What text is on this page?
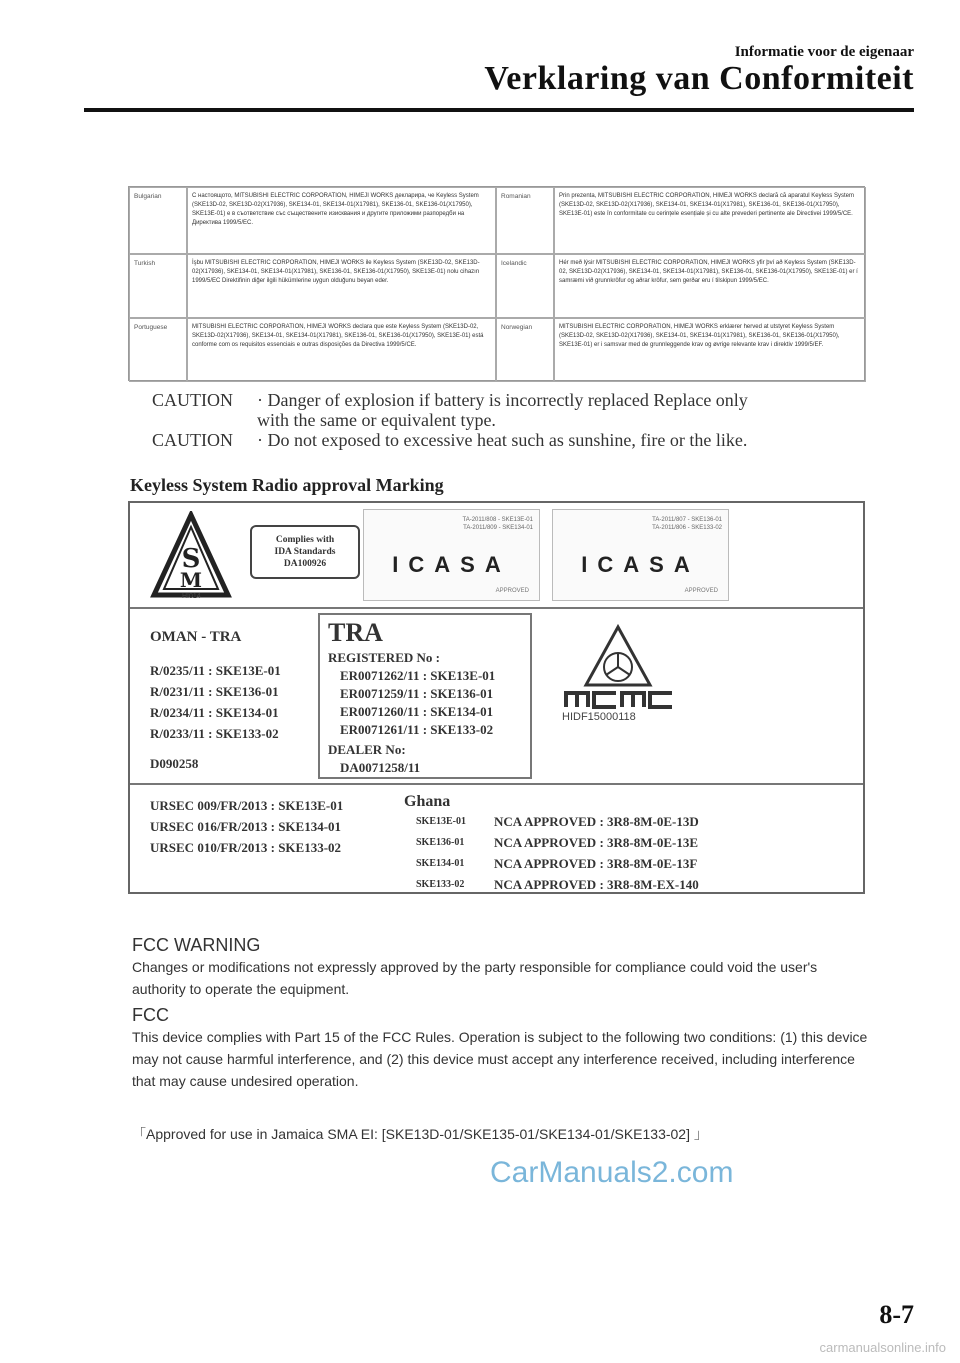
Informatie voor de eigenaar
Verklaring van Conformiteit
Bulgarian	С настоящото, MITSUBISHI ELECTRIC CORPORATION, HIMEJI WORKS декларира, че Keyless System (SKE13D-02, SKE13D-02(X17936), SKE134-01, SKE134-01(X17981), SKE136-01, SKE136-01(X17950), SKE13E-01) е в съответствие със съществените изисквания и другите приложими разпоредби на Директива 1999/5/ЕС.
Romanian	Prin prezenta, MITSUBISHI ELECTRIC CORPORATION, HIMEJI WORKS declară că aparatul Keyless System (SKE13D-02, SKE13D-02(X17936), SKE134-01, SKE134-01(X17981), SKE136-01, SKE136-01(X17950), SKE13E-01) este în conformitate cu cerințele esențiale și cu alte prevederi pertinente ale Directivei 1999/5/CE.
Turkish	İşbu MITSUBISHI ELECTRIC CORPORATION, HIMEJI WORKS ile Keyless System (SKE13D-02, SKE13D-02(X17936), SKE134-01, SKE134-01(X17981), SKE136-01, SKE136-01(X17950), SKE13E-01) nolu cihazın 1999/5/EC Direktifinin diğer ilgili hükümlerine uygun olduğunu beyan eder.
Icelandic	Hér með lýsir MITSUBISHI ELECTRIC CORPORATION, HIMEJI WORKS yfir því að Keyless System (SKE13D-02, SKE13D-02(X17936), SKE134-01, SKE134-01(X17981), SKE136-01, SKE136-01(X17950), SKE13E-01) er í samræmi við grunnkröfur og aðrar kröfur, sem gerðar eru í tilskipun 1999/5/EC.
Portuguese	MITSUBISHI ELECTRIC CORPORATION, HIMEJI WORKS declara que este Keyless System (SKE13D-02, SKE13D-02(X17936), SKE134-01, SKE134-01(X17981), SKE136-01, SKE136-01(X17950), SKE13E-01) está conforme com os requisitos essenciais e outras disposições da Directiva 1999/5/CE.
Norwegian	MITSUBISHI ELECTRIC CORPORATION, HIMEJI WORKS erklærer herved at utstyret Keyless System (SKE13D-02, SKE13D-02(X17936), SKE134-01, SKE134-01(X17981), SKE136-01, SKE136-01(X17950), SKE13E-01) er i samsvar med de grunnleggende krav og øvrige relevante krav i direktiv 1999/5/EF.
CAUTION · Danger of explosion if battery is incorrectly replaced Replace only
with the same or equivalent type.
CAUTION · Do not exposed to excessive heat such as sunshine, fire or the like.
Keyless System Radio approval Marking
S
M
HI014
Complies with
IDA Standards
DA100926
TA-2011/808 - SKE13E-01
TA-2011/809 - SKE134-01
ICASA
APPROVED
TA-2011/807 - SKE136-01
TA-2011/806 - SKE133-02
ICASA
APPROVED
OMAN - TRA
R/0235/11 : SKE13E-01
R/0231/11 : SKE136-01
R/0234/11 : SKE134-01
R/0233/11 : SKE133-02
D090258
TRA
REGISTERED No :
ER0071262/11 : SKE13E-01
ER0071259/11 : SKE136-01
ER0071260/11 : SKE134-01
ER0071261/11 : SKE133-02
DEALER No:
DA0071258/11
HIDF15000118
URSEC 009/FR/2013 : SKE13E-01
URSEC 016/FR/2013 : SKE134-01
URSEC 010/FR/2013 : SKE133-02
Ghana
SKE13E-01	NCA APPROVED : 3R8-8M-0E-13D
SKE136-01	NCA APPROVED : 3R8-8M-0E-13E
SKE134-01	NCA APPROVED : 3R8-8M-0E-13F
SKE133-02	NCA APPROVED : 3R8-8M-EX-140
FCC WARNING
Changes or modifications not expressly approved by the party responsible for compliance could void the user's authority to operate the equipment.
FCC
This device complies with Part 15 of the FCC Rules. Operation is subject to the following two conditions: (1) this device may not cause harmful interference, and (2) this device must accept any interference received, including interference that may cause undesired operation.
「Approved for use in Jamaica SMA EI: [SKE13D-01/SKE135-01/SKE134-01/SKE133-02] 」
CarManuals2.com
8-7
carmanualsonline.info
